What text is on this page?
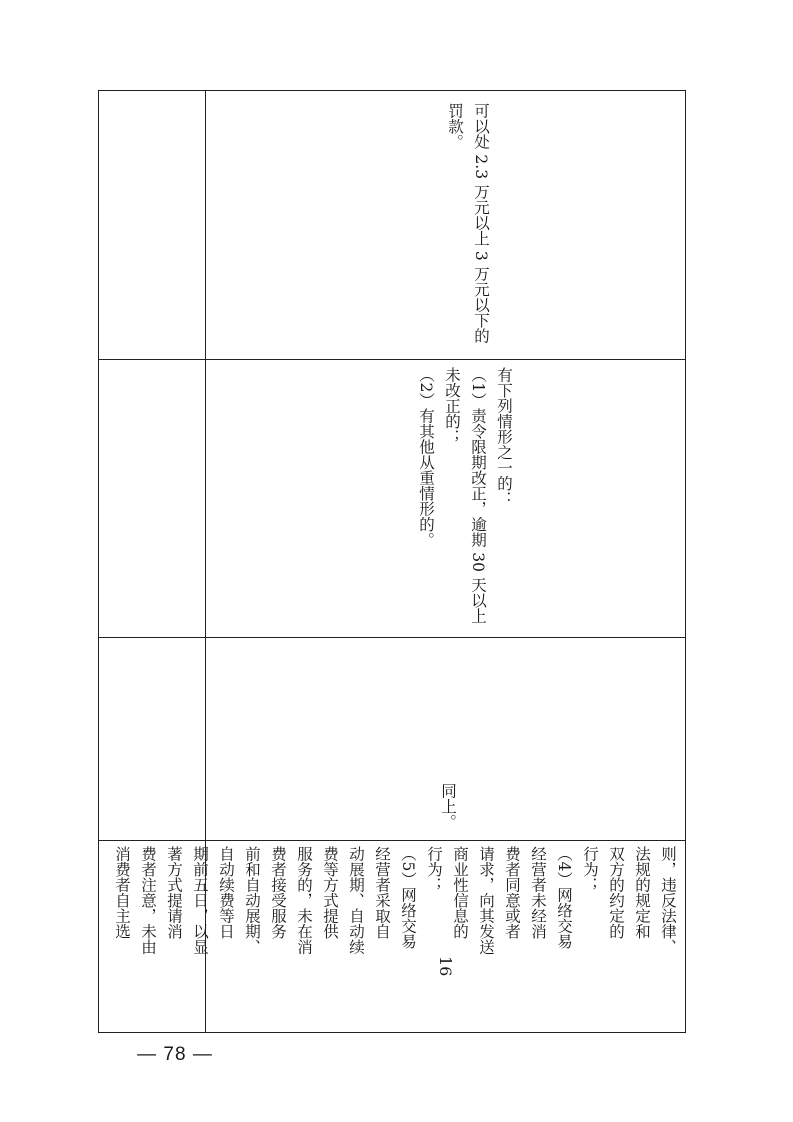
16

则，违反法律、

法规的规定和

双方的约定的

行为；

（4）网络交易

经营者未经消

费者同意或者

请求，向其发送

商业性信息的

行为；

（5）网络交易

经营者采取自

动展期、自动续

费等方式提供

服务的，未在消

费者接受服务

前和自动展期、

自动续费等日

期前五日，以显

著方式提请消

费者注意，未由

消费者自主选

同上。

有下列情形之一的：

（1）责令限期改正，逾期 30 天以上未改正的；

（2）有其他从重情形的。

可以处 2.3 万元以上 3 万元以下的罚款。
— 78 —
